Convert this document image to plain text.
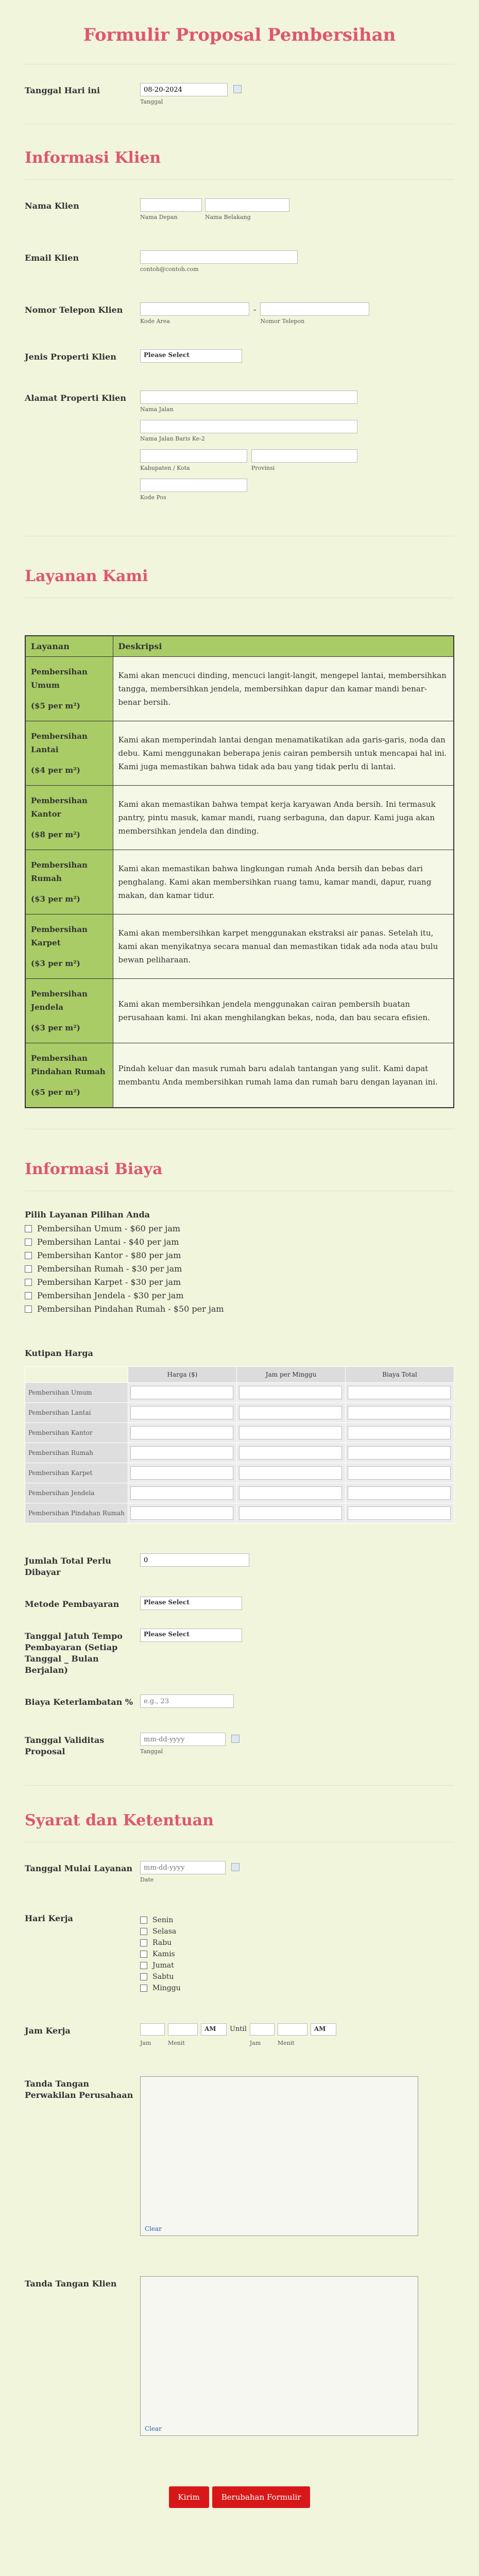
Formulir Proposal Pembersihan
Tanggal Hari ini
08-20-2024
Tanggal
Informasi Klien
Nama Klien
Nama Depan	Nama Belakang
Email Klien
contoh@contoh.com
Nomor Telepon Klien
Kode Area
-
Nomor Telepon
Jenis Properti Klien	Please Select
Alamat Properti Klien
Nama Jalan
Nama Jalan Baris Ke-2
Kabupaten / Kota	Provinsi
Kode Pos
Layanan Kami
Layanan	Deskripsi

Pembersihan Umum
($5 per m²)	Kami akan mencuci dinding, mencuci langit-langit, mengepel lantai, membersihkan tangga, membersihkan jendela, membersihkan dapur dan kamar mandi benar-benar bersih.

Pembersihan Lantai
($4 per m²)	Kami akan memperindah lantai dengan menamatikatikan ada garis-garis, noda dan debu. Kami menggunakan beberapa jenis cairan pembersih untuk mencapai hal ini. Kami juga memastikan bahwa tidak ada bau yang tidak perlu di lantai.

Pembersihan Kantor
($8 per m²)	Kami akan memastikan bahwa tempat kerja karyawan Anda bersih. Ini termasuk pantry, pintu masuk, kamar mandi, ruang serbaguna, dan dapur. Kami juga akan membersihkan jendela dan dinding.

Pembersihan Rumah
($3 per m²)	Kami akan memastikan bahwa lingkungan rumah Anda bersih dan bebas dari penghalang. Kami akan membersihkan ruang tamu, kamar mandi, dapur, ruang makan, dan kamar tidur.

Pembersihan Karpet
($3 per m²)	Kami akan membersihkan karpet menggunakan ekstraksi air panas. Setelah itu, kami akan menyikatnya secara manual dan memastikan tidak ada noda atau bulu bewan peliharaan.

Pembersihan Jendela
($3 per m²)	Kami akan membersihkan jendela menggunakan cairan pembersih buatan perusahaan kami. Ini akan menghilangkan bekas, noda, dan bau secara efisien.

Pembersihan Pindahan Rumah
($5 per m²)	Pindah keluar dan masuk rumah baru adalah tantangan yang sulit. Kami dapat membantu Anda membersihkan rumah lama dan rumah baru dengan layanan ini.
Informasi Biaya
Pilih Layanan Pilihan Anda
Pembersihan Umum - $60 per jam
Pembersihan Lantai - $40 per jam
Pembersihan Kantor - $80 per jam
Pembersihan Rumah - $30 per jam
Pembersihan Karpet - $30 per jam
Pembersihan Jendela - $30 per jam
Pembersihan Pindahan Rumah - $50 per jam
Kutipan Harga
	Harga ($)	Jam per Minggu	Biaya Total
Pembersihan Umum			
Pembersihan Lantai			
Pembersihan Kantor			
Pembersihan Rumah			
Pembersihan Karpet			
Pembersihan Jendela			
Pembersihan Pindahan Rumah			
Jumlah Total Perlu Dibayar
0
Metode Pembayaran	Please Select
Tanggal Jatuh Tempo Pembayaran (Setiap Tanggal _ Bulan Berjalan)
Please Select
Biaya Keterlambatan %
e.g., 23
Tanggal Validitas Proposal
mm-dd-yyyy	Tanggal
Syarat dan Ketentuan
Tanggal Mulai Layanan
mm-dd-yyyy
Date
Hari Kerja	Senin
Selasa
Rabu
Kamis
Jumat
Sabtu
Minggu
Jam Kerja
Jam	Menit
AM	Until
Jam	Menit
AM
Tanda Tangan Perwakilan Perusahaan
Clear
Tanda Tangan Klien
Clear
Kirim	Berubahan Formulir
